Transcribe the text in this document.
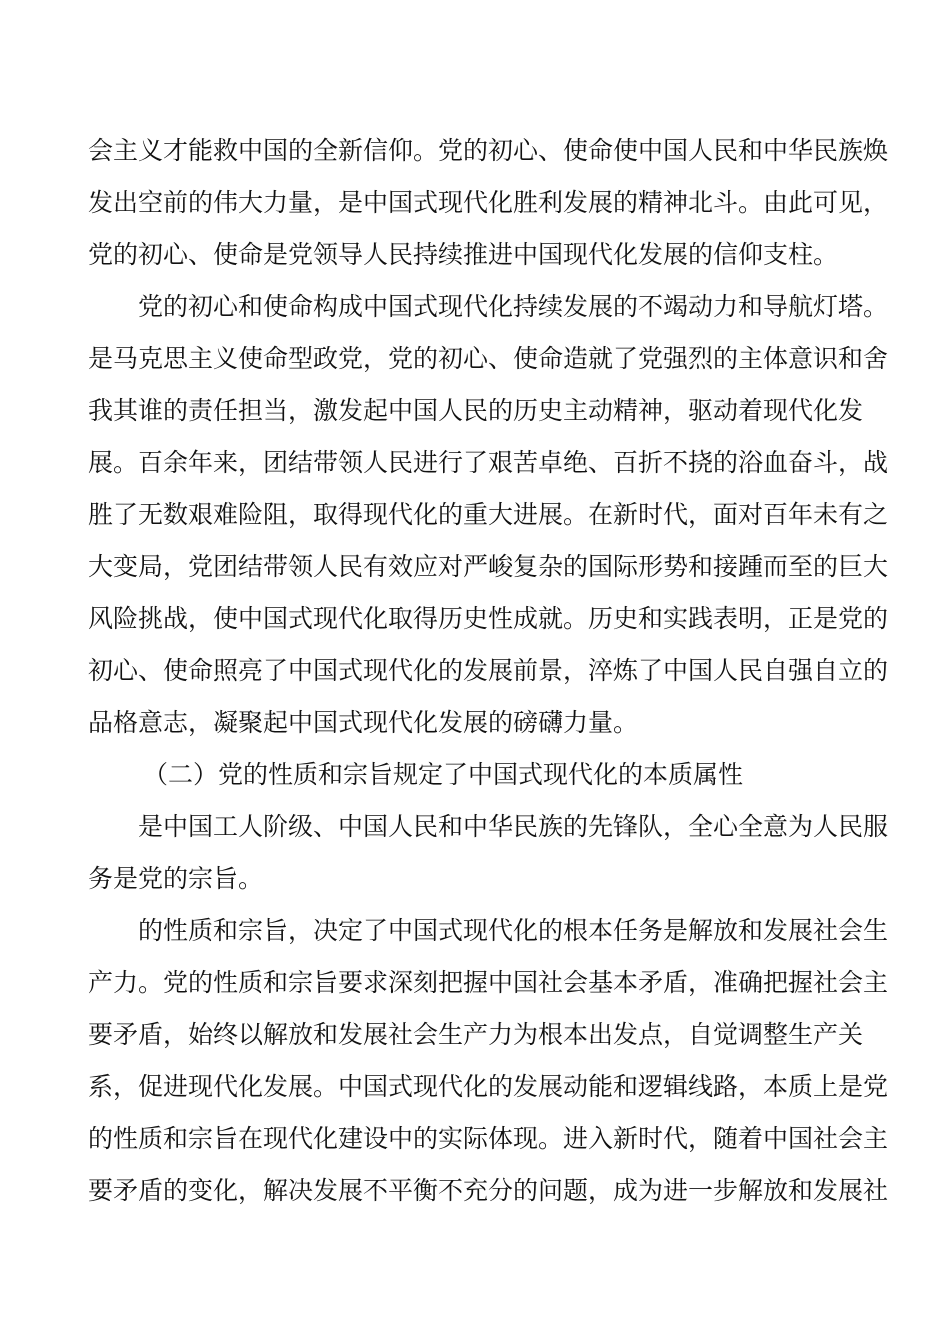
会主义才能救中国的全新信仰。党的初心、使命使中国人民和中华民族焕
发出空前的伟大力量，是中国式现代化胜利发展的精神北斗。由此可见，
党的初心、使命是党领导人民持续推进中国现代化发展的信仰支柱。
党的初心和使命构成中国式现代化持续发展的不竭动力和导航灯塔。
是马克思主义使命型政党，党的初心、使命造就了党强烈的主体意识和舍
我其谁的责任担当，激发起中国人民的历史主动精神，驱动着现代化发
展。百余年来，团结带领人民进行了艰苦卓绝、百折不挠的浴血奋斗，战
胜了无数艰难险阻，取得现代化的重大进展。在新时代，面对百年未有之
大变局，党团结带领人民有效应对严峻复杂的国际形势和接踵而至的巨大
风险挑战，使中国式现代化取得历史性成就。历史和实践表明，正是党的
初心、使命照亮了中国式现代化的发展前景，淬炼了中国人民自强自立的
品格意志，凝聚起中国式现代化发展的磅礴力量。
（二）党的性质和宗旨规定了中国式现代化的本质属性
是中国工人阶级、中国人民和中华民族的先锋队，全心全意为人民服
务是党的宗旨。
的性质和宗旨，决定了中国式现代化的根本任务是解放和发展社会生
产力。党的性质和宗旨要求深刻把握中国社会基本矛盾，准确把握社会主
要矛盾，始终以解放和发展社会生产力为根本出发点，自觉调整生产关
系，促进现代化发展。中国式现代化的发展动能和逻辑线路，本质上是党
的性质和宗旨在现代化建设中的实际体现。进入新时代，随着中国社会主
要矛盾的变化，解决发展不平衡不充分的问题，成为进一步解放和发展社
